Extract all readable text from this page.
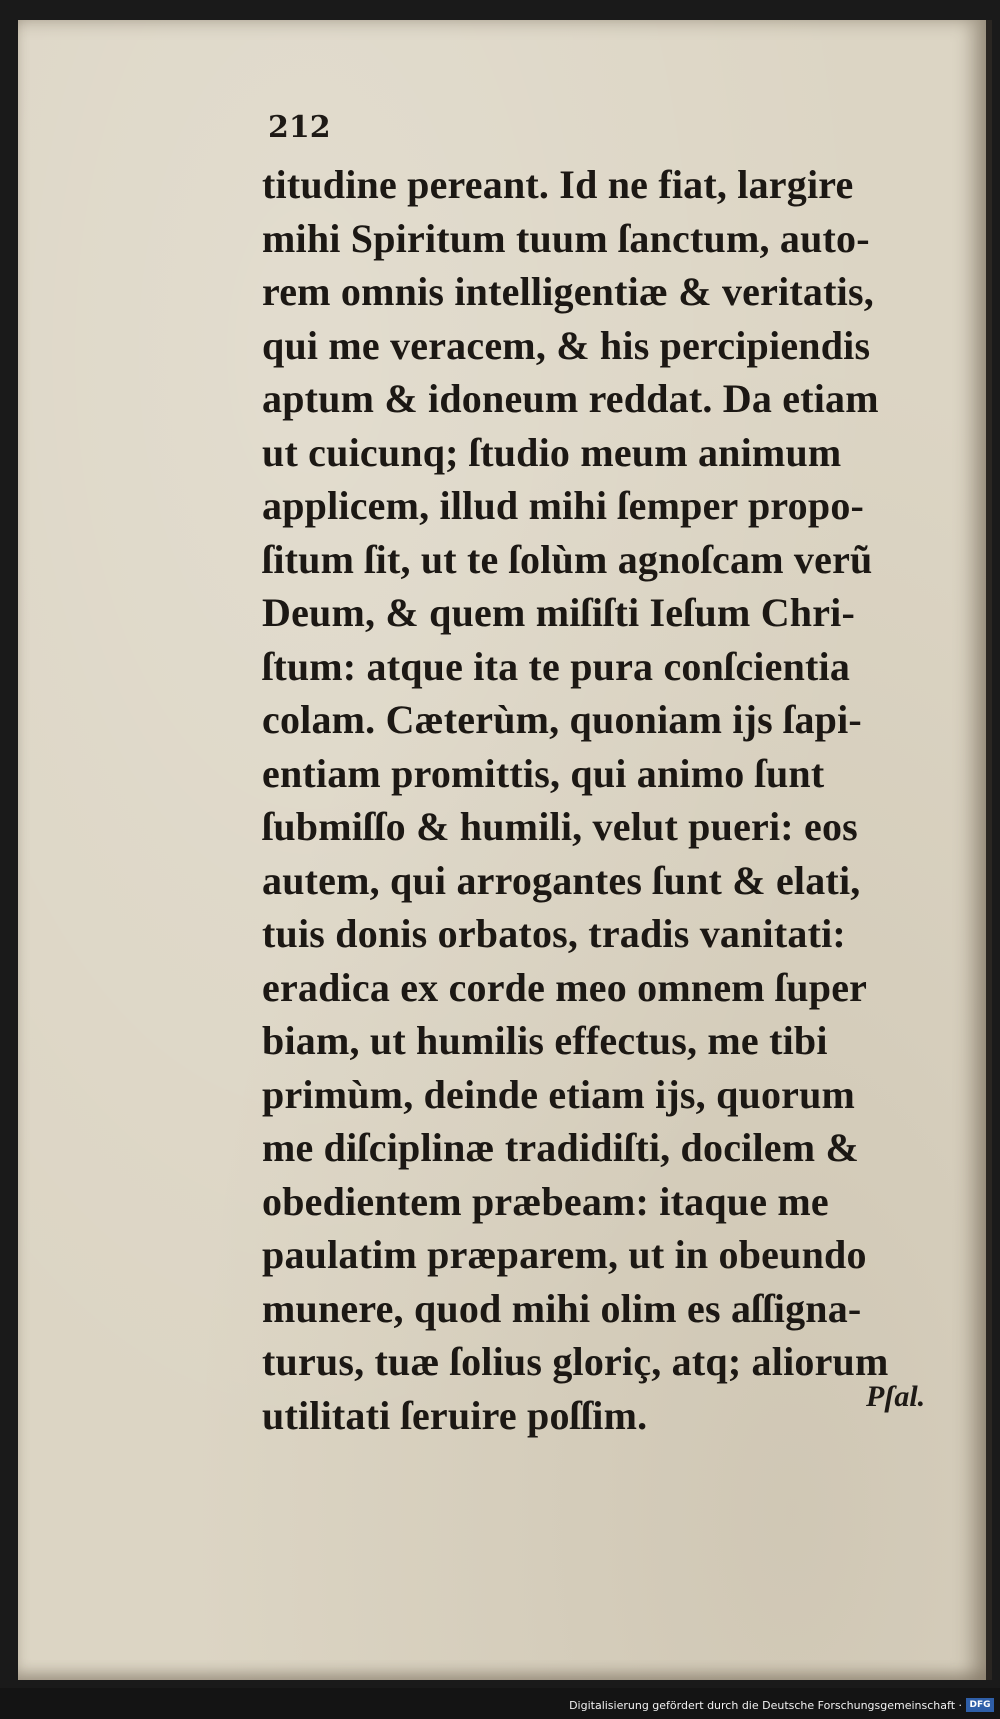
212
titudine pereant. Id ne fiat, largire
mihi Spiritum tuum ſanctum, auto-
rem omnis intelligentiæ & veritatis,
qui me veracem, & his percipiendis
aptum & idoneum reddat. Da etiam
ut cuicunq; ſtudio meum animum
applicem, illud mihi ſemper propo-
ſitum ſit, ut te ſolùm agnoſcam verũ
Deum, & quem miſiſti Ieſum Chri-
ſtum: atque ita te pura conſcientia
colam. Cæterùm, quoniam ijs ſapi-
entiam promittis, qui animo ſunt
ſubmiſſo & humili, velut pueri: eos
autem, qui arrogantes ſunt & elati,
tuis donis orbatos, tradis vanitati:
eradica ex corde meo omnem ſuper
biam, ut humilis effectus, me tibi
primùm, deinde etiam ijs, quorum
me diſciplinæ tradidiſti, docilem &
obedientem præbeam: itaque me
paulatim præparem, ut in obeundo
munere, quod mihi olim es aſſigna-
turus, tuæ ſolius gloriç, atq; aliorum
utilitati ſeruire poſſim.	Pſal.
Digitalisierung gefördert durch die Deutsche Forschungsgemeinschaft · DFG
